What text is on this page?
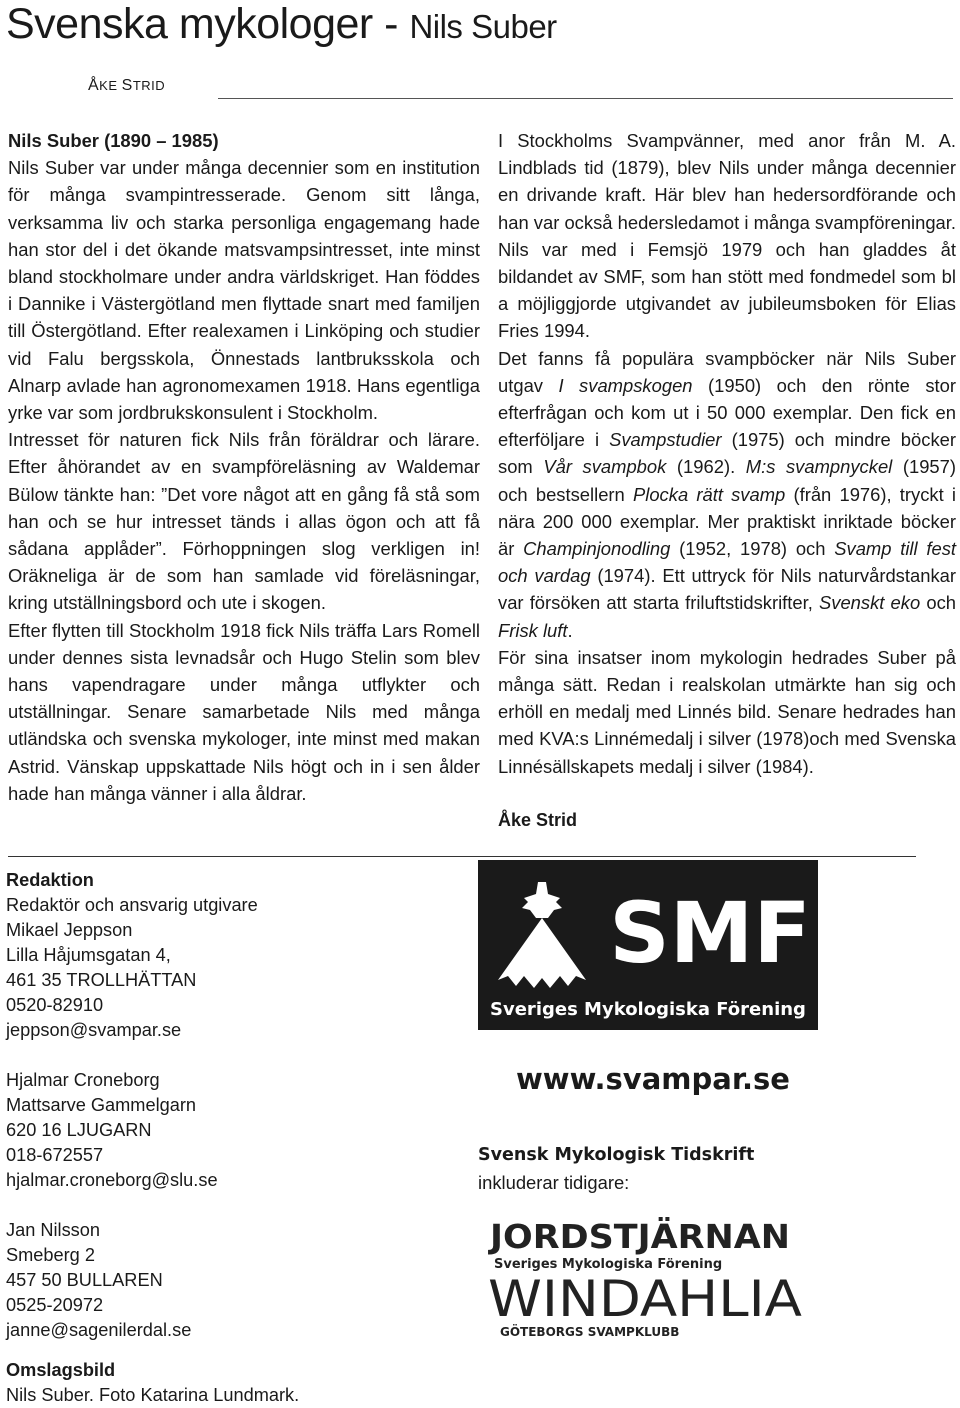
Svenska mykologer - Nils Suber
ÅKE STRID
Nils Suber (1890 – 1985)

Nils Suber var under många decennier som en institution för många svampintresserade. Genom sitt långa, verksamma liv och starka personliga engagemang hade han stor del i det ökande matsvampsintresset, inte minst bland stockholmare under andra världskriget. Han föddes i Dannike i Västergötland men flyttade snart med familjen till Östergötland. Efter realexamen i Linköping och studier vid Falu bergsskola, Önnestads lantbruksskola och Alnarp avlade han agronomexamen 1918. Hans egentliga yrke var som jordbrukskonsulent i Stockholm.

Intresset för naturen fick Nils från föräldrar och lärare. Efter åhörandet av en svampföreläsning av Waldemar Bülow tänkte han: ”Det vore något att en gång få stå som han och se hur intresset tänds i allas ögon och att få sådana applåder”. Förhoppningen slog verkligen in! Oräkneliga är de som han samlade vid föreläsningar, kring utställningsbord och ute i skogen.

Efter flytten till Stockholm 1918 fick Nils träffa Lars Romell under dennes sista levnadsår och Hugo Stelin som blev hans vapendragare under många utflykter och utställningar. Senare samarbetade Nils med många utländska och svenska mykologer, inte minst med makan Astrid. Vänskap uppskattade Nils högt och in i sen ålder hade han många vänner i alla åldrar.

I Stockholms Svampvänner, med anor från M. A. Lindblads tid (1879), blev Nils under många decennier en drivande kraft. Här blev han hedersordförande och han var också hedersledamot i många svampföreningar. Nils var med i Femsjö 1979 och han gladdes åt bildandet av SMF, som han stött med fondmedel som bl a möjliggjorde utgivandet av jubileumsboken för Elias Fries 1994.

Det fanns få populära svampböcker när Nils Suber utgav I svampskogen (1950) och den rönte stor efterfrågan och kom ut i 50 000 exemplar. Den fick en efterföljare i Svampstudier (1975) och mindre böcker som Vår svampbok (1962). M:s svampnyckel (1957) och bestsellern Plocka rätt svamp (från 1976), tryckt i nära 200 000 exemplar. Mer praktiskt inriktade böcker är Champinjonodling (1952, 1978) och Svamp till fest och vardag (1974). Ett uttryck för Nils naturvårdstankar var försöken att starta friluftstidskrifter, Svenskt eko och Frisk luft.

För sina insatser inom mykologin hedrades Suber på många sätt. Redan i realskolan utmärkte han sig och erhöll en medalj med Linnés bild. Senare hedrades han med KVA:s Linnémedalj i silver (1978)och med Svenska Linnésällskapets medalj i silver (1984).

Åke Strid
Redaktion
Redaktör och ansvarig utgivare
Mikael Jeppson
Lilla Håjumsgatan 4,
461 35 TROLLHÄTTAN
0520-82910
jeppson@svampar.se
Hjalmar Croneborg
Mattsarve Gammelgarn
620 16 LJUGARN
018-672557
hjalmar.croneborg@slu.se
Jan Nilsson
Smeberg 2
457 50 BULLAREN
0525-20972
janne@sagenilerdal.se
Omslagsbild
Nils Suber. Foto Katarina Lundmark.
SMF
Sveriges Mykologiska Förening
www.svampar.se
Svensk Mykologisk Tidskrift
inkluderar tidigare:
JORDSTJÄRNAN
Sveriges Mykologiska Förening
WINDAHLIA
GÖTEBORGS SVAMPKLUBB
